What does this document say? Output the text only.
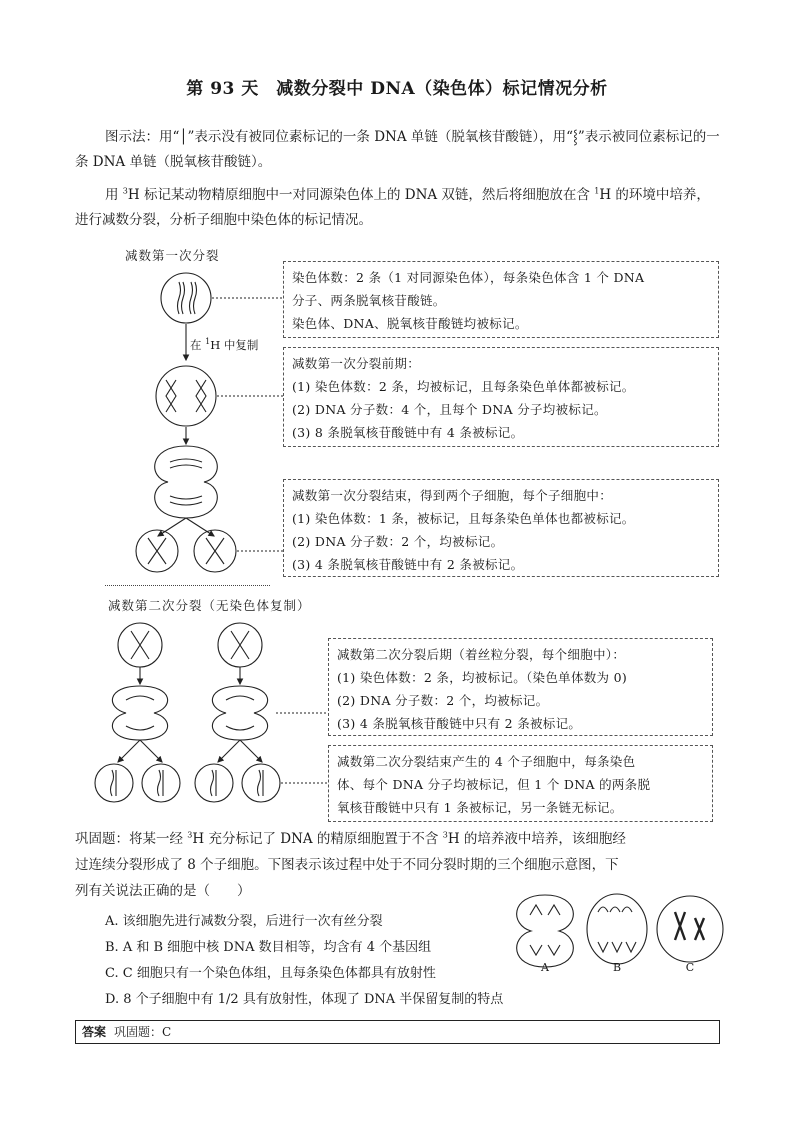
第 93 天　减数分裂中 DNA（染色体）标记情况分析
图示法：用“│”表示没有被同位素标记的一条 DNA 单链（脱氧核苷酸链），用“⸾”表示被同位素标记的一条 DNA 单链（脱氧核苷酸链）。
用 $^3$H 标记某动物精原细胞中一对同源染色体上的 DNA 双链，然后将细胞放在含 $^1$H 的环境中培养，进行减数分裂，分析子细胞中染色体的标记情况。
减数第一次分裂
在 $^1$H 中复制
染色体数：2 条（1 对同源染色体），每条染色体含 1 个 DNA
分子、两条脱氧核苷酸链。
染色体、DNA、脱氧核苷酸链均被标记。
减数第一次分裂前期：
(1) 染色体数：2 条，均被标记，且每条染色单体都被标记。
(2) DNA 分子数：4 个，且每个 DNA 分子均被标记。
(3) 8 条脱氧核苷酸链中有 4 条被标记。
减数第一次分裂结束，得到两个子细胞，每个子细胞中：
(1) 染色体数：1 条，被标记，且每条染色单体也都被标记。
(2) DNA 分子数：2 个，均被标记。
(3) 4 条脱氧核苷酸链中有 2 条被标记。
减数第二次分裂（无染色体复制）
减数第二次分裂后期（着丝粒分裂，每个细胞中）：
(1) 染色体数：2 条，均被标记。（染色单体数为 0)
(2) DNA 分子数：2 个，均被标记。
(3) 4 条脱氧核苷酸链中只有 2 条被标记。
减数第二次分裂结束产生的 4 个子细胞中，每条染色
体、每个 DNA 分子均被标记，但 1 个 DNA 的两条脱
氧核苷酸链中只有 1 条被标记，另一条链无标记。
巩固题：将某一经 $^3$H 充分标记了 DNA 的精原细胞置于不含 $^3$H 的培养液中培养，该细胞经
过连续分裂形成了 8 个子细胞。下图表示该过程中处于不同分裂时期的三个细胞示意图，下
列有关说法正确的是（　　）
A. 该细胞先进行减数分裂，后进行一次有丝分裂
B. A 和 B 细胞中核 DNA 数目相等，均含有 4 个基因组
C. C 细胞只有一个染色体组，且每条染色体都具有放射性
D. 8 个子细胞中有 1/2 具有放射性，体现了 DNA 半保留复制的特点
A	B	C
答案 巩固题：C
